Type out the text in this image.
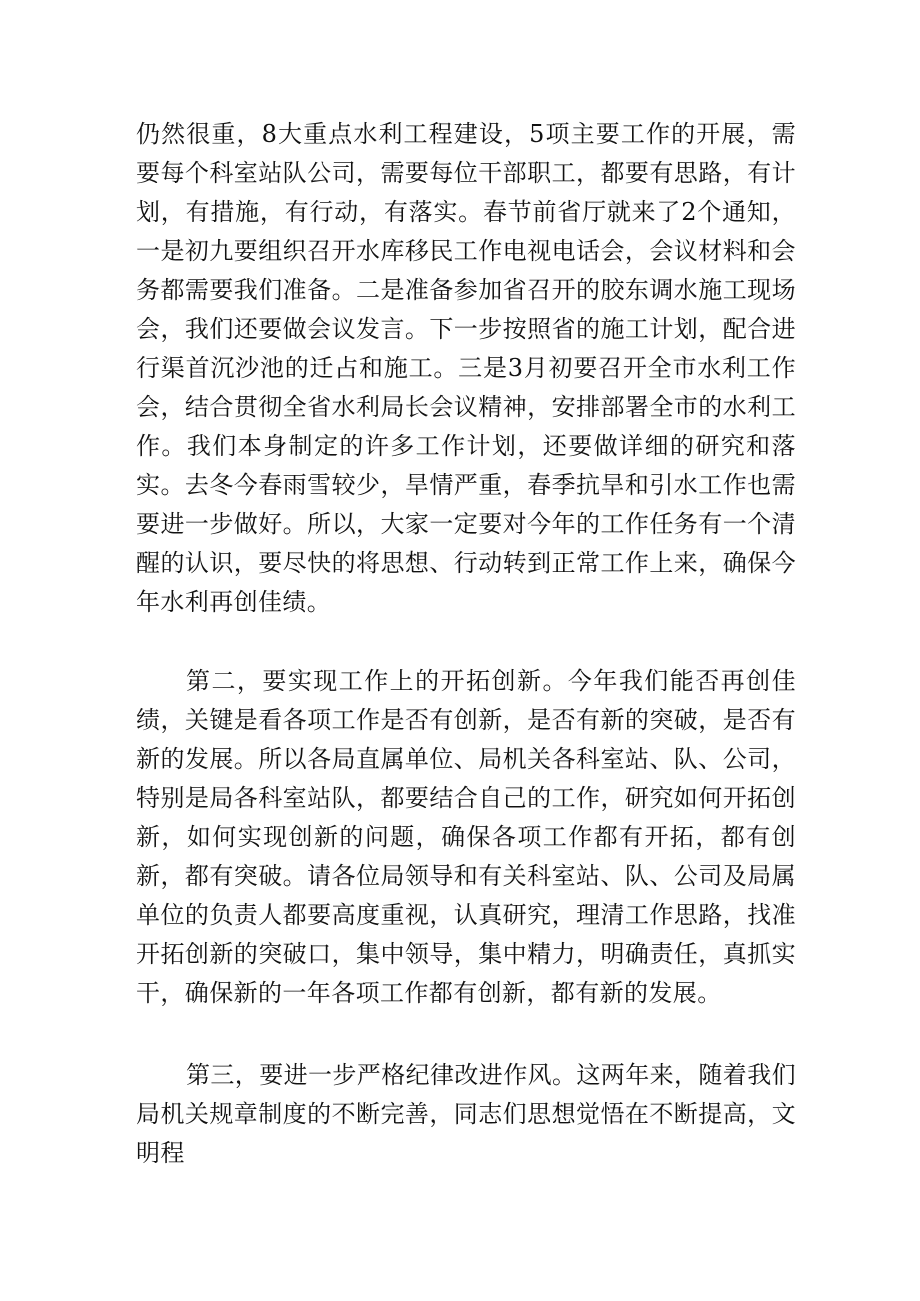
仍然很重，8大重点水利工程建设，5项主要工作的开展，需要每个科室站队公司，需要每位干部职工，都要有思路，有计划，有措施，有行动，有落实。春节前省厅就来了2个通知，一是初九要组织召开水库移民工作电视电话会，会议材料和会务都需要我们准备。二是准备参加省召开的胶东调水施工现场会，我们还要做会议发言。下一步按照省的施工计划，配合进行渠首沉沙池的迁占和施工。三是3月初要召开全市水利工作会，结合贯彻全省水利局长会议精神，安排部署全市的水利工作。我们本身制定的许多工作计划，还要做详细的研究和落实。去冬今春雨雪较少，旱情严重，春季抗旱和引水工作也需要进一步做好。所以，大家一定要对今年的工作任务有一个清醒的认识，要尽快的将思想、行动转到正常工作上来，确保今年水利再创佳绩。

第二，要实现工作上的开拓创新。今年我们能否再创佳绩，关键是看各项工作是否有创新，是否有新的突破，是否有新的发展。所以各局直属单位、局机关各科室站、队、公司，特别是局各科室站队，都要结合自己的工作，研究如何开拓创新，如何实现创新的问题，确保各项工作都有开拓，都有创新，都有突破。请各位局领导和有关科室站、队、公司及局属单位的负责人都要高度重视，认真研究，理清工作思路，找准开拓创新的突破口，集中领导，集中精力，明确责任，真抓实干，确保新的一年各项工作都有创新，都有新的发展。

第三，要进一步严格纪律改进作风。这两年来，随着我们局机关规章制度的不断完善，同志们思想觉悟在不断提高，文明程
